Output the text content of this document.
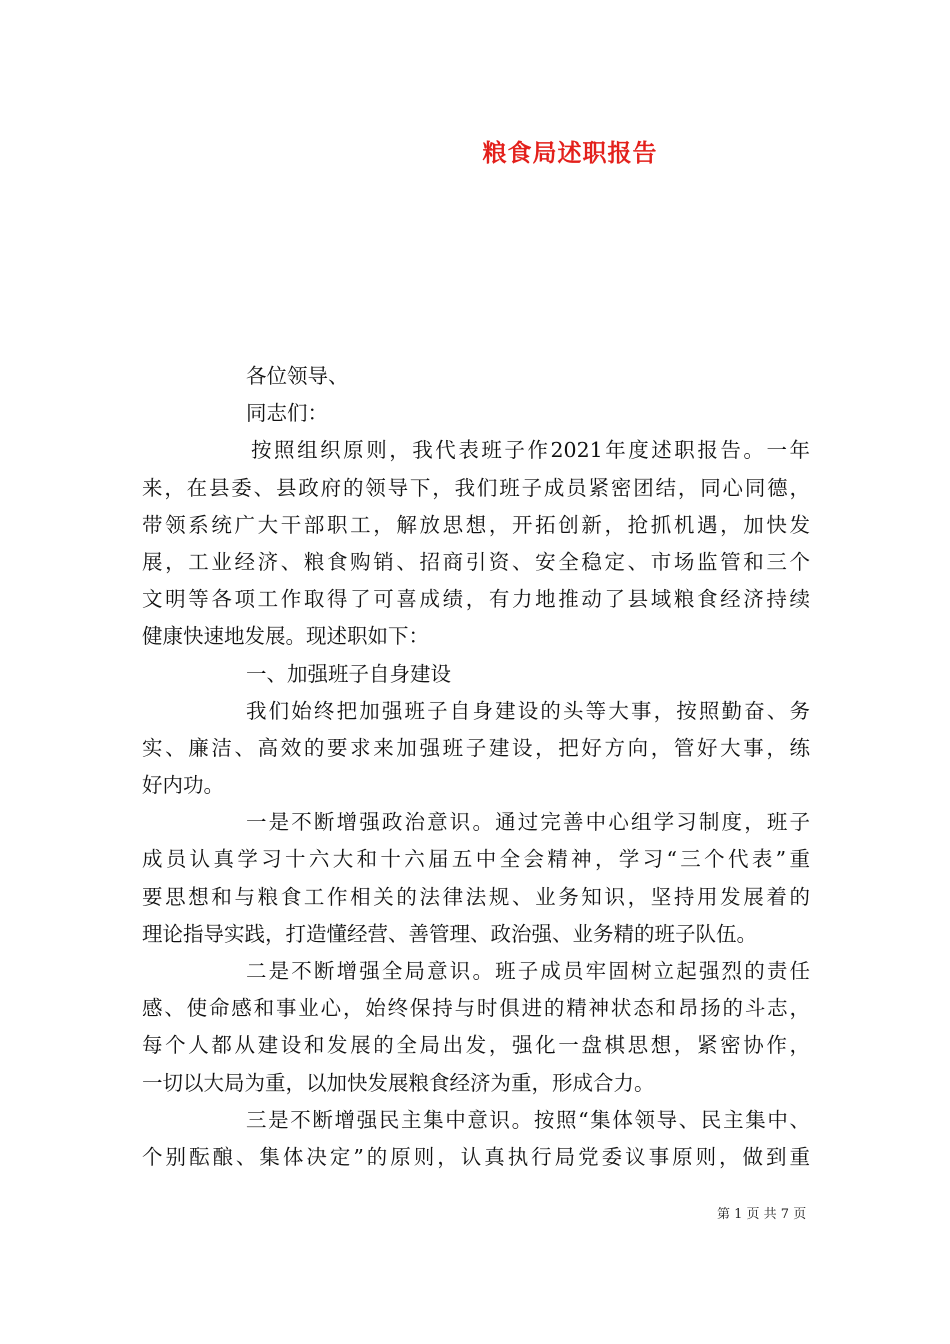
粮食局述职报告
各位领导、
同志们：
按照组织原则，我代表班子作2021年度述职报告。一年
来，在县委、县政府的领导下，我们班子成员紧密团结，同心同德，
带领系统广大干部职工，解放思想，开拓创新，抢抓机遇，加快发
展，工业经济、粮食购销、招商引资、安全稳定、市场监管和三个
文明等各项工作取得了可喜成绩，有力地推动了县域粮食经济持续
健康快速地发展。现述职如下：
一、加强班子自身建设
我们始终把加强班子自身建设的头等大事，按照勤奋、务
实、廉洁、高效的要求来加强班子建设，把好方向，管好大事，练
好内功。
一是不断增强政治意识。通过完善中心组学习制度，班子
成员认真学习十六大和十六届五中全会精神，学习“三个代表”重
要思想和与粮食工作相关的法律法规、业务知识，坚持用发展着的
理论指导实践，打造懂经营、善管理、政治强、业务精的班子队伍。
二是不断增强全局意识。班子成员牢固树立起强烈的责任
感、使命感和事业心，始终保持与时俱进的精神状态和昂扬的斗志，
每个人都从建设和发展的全局出发，强化一盘棋思想，紧密协作，
一切以大局为重，以加快发展粮食经济为重，形成合力。
三是不断增强民主集中意识。按照“集体领导、民主集中、
个别酝酿、集体决定”的原则，认真执行局党委议事原则，做到重
第 1 页 共 7 页
